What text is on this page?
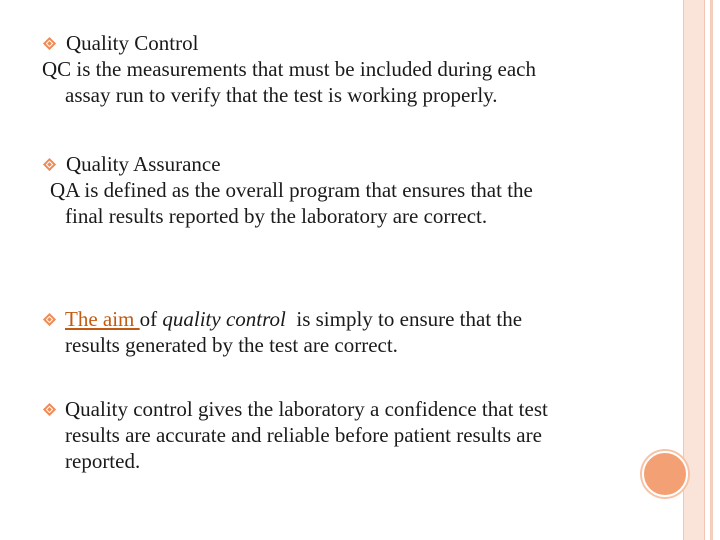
Quality Control
QC is the measurements that must be included during each
assay run to verify that the test is working properly.
Quality Assurance
QA is defined as the overall program that ensures that the
final results reported by the laboratory are correct.
The aim of quality control is simply to ensure that the
results generated by the test are correct.
Quality control gives the laboratory a confidence that test
results are accurate and reliable before patient results are
reported.
